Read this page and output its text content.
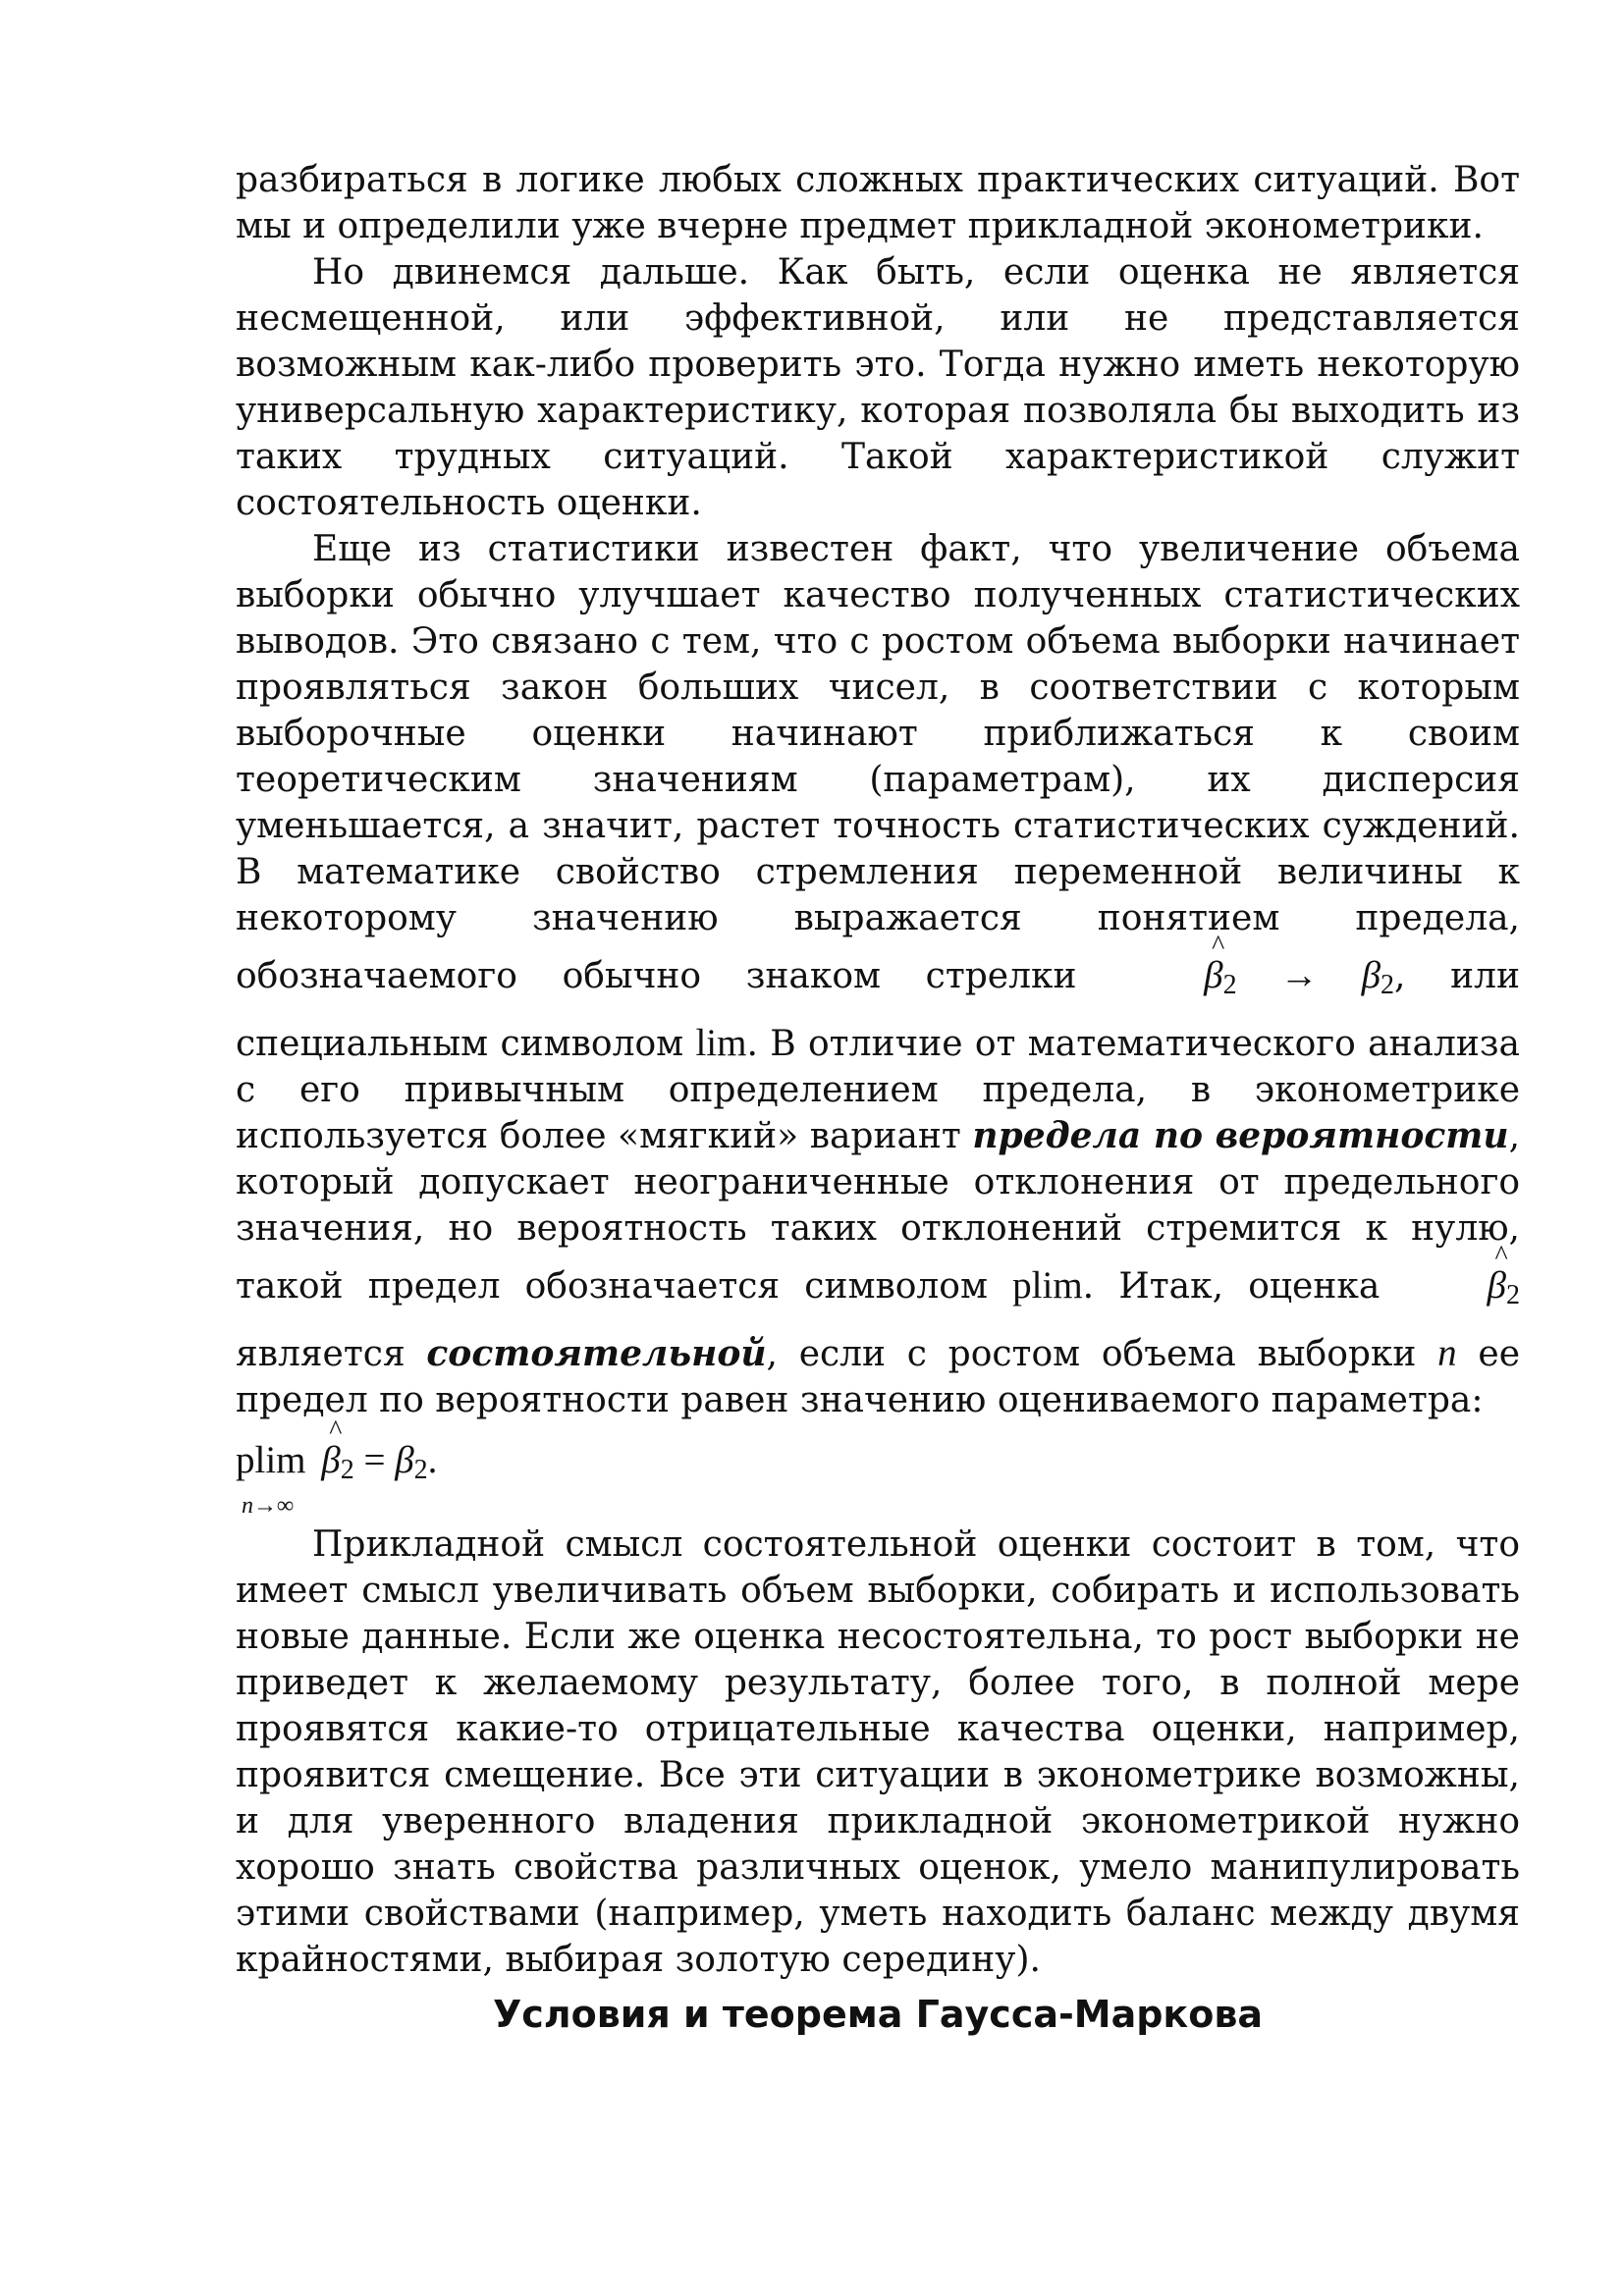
разбираться в логике любых сложных практических ситуаций. Вот мы и определили уже вчерне предмет прикладной эконометрики.

Но двинемся дальше. Как быть, если оценка не является несмещенной, или эффективной, или не представляется возможным как-либо проверить это. Тогда нужно иметь некоторую универсальную характеристику, которая позволяла бы выходить из таких трудных ситуаций. Такой характеристикой служит состоятельность оценки.

Еще из статистики известен факт, что увеличение объема выборки обычно улучшает качество полученных статистических выводов. Это связано с тем, что с ростом объема выборки начинает проявляться закон больших чисел, в соответствии с которым выборочные оценки начинают приближаться к своим теоретическим значениям (параметрам), их дисперсия уменьшается, а значит, растет точность статистических суждений. В математике свойство стремления переменной величины к некоторому значению выражается понятием предела, обозначаемого обычно знаком стрелки
^
β2 → β2, или специальным символом lim. В отличие от математического анализа с его привычным определением предела, в эконометрике используется более «мягкий» вариант предела по вероятности, который допускает неограниченные отклонения от предельного значения, но вероятность таких отклонений стремится к нулю, такой предел обозначается символом plim. Итак, оценка
^
β2 является состоятельной, если с ростом объема выборки n ее предел по вероятности равен значению оцениваемого параметра:

plim
^
β2 = β2.
n→∞

Прикладной смысл состоятельной оценки состоит в том, что имеет смысл увеличивать объем выборки, собирать и использовать новые данные. Если же оценка несостоятельна, то рост выборки не приведет к желаемому результату, более того, в полной мере проявятся какие-то отрицательные качества оценки, например, проявится смещение. Все эти ситуации в эконометрике возможны, и для уверенного владения прикладной эконометрикой нужно хорошо знать свойства различных оценок, умело манипулировать этими свойствами (например, уметь находить баланс между двумя крайностями, выбирая золотую середину).

Условия и теорема Гаусса-Маркова
